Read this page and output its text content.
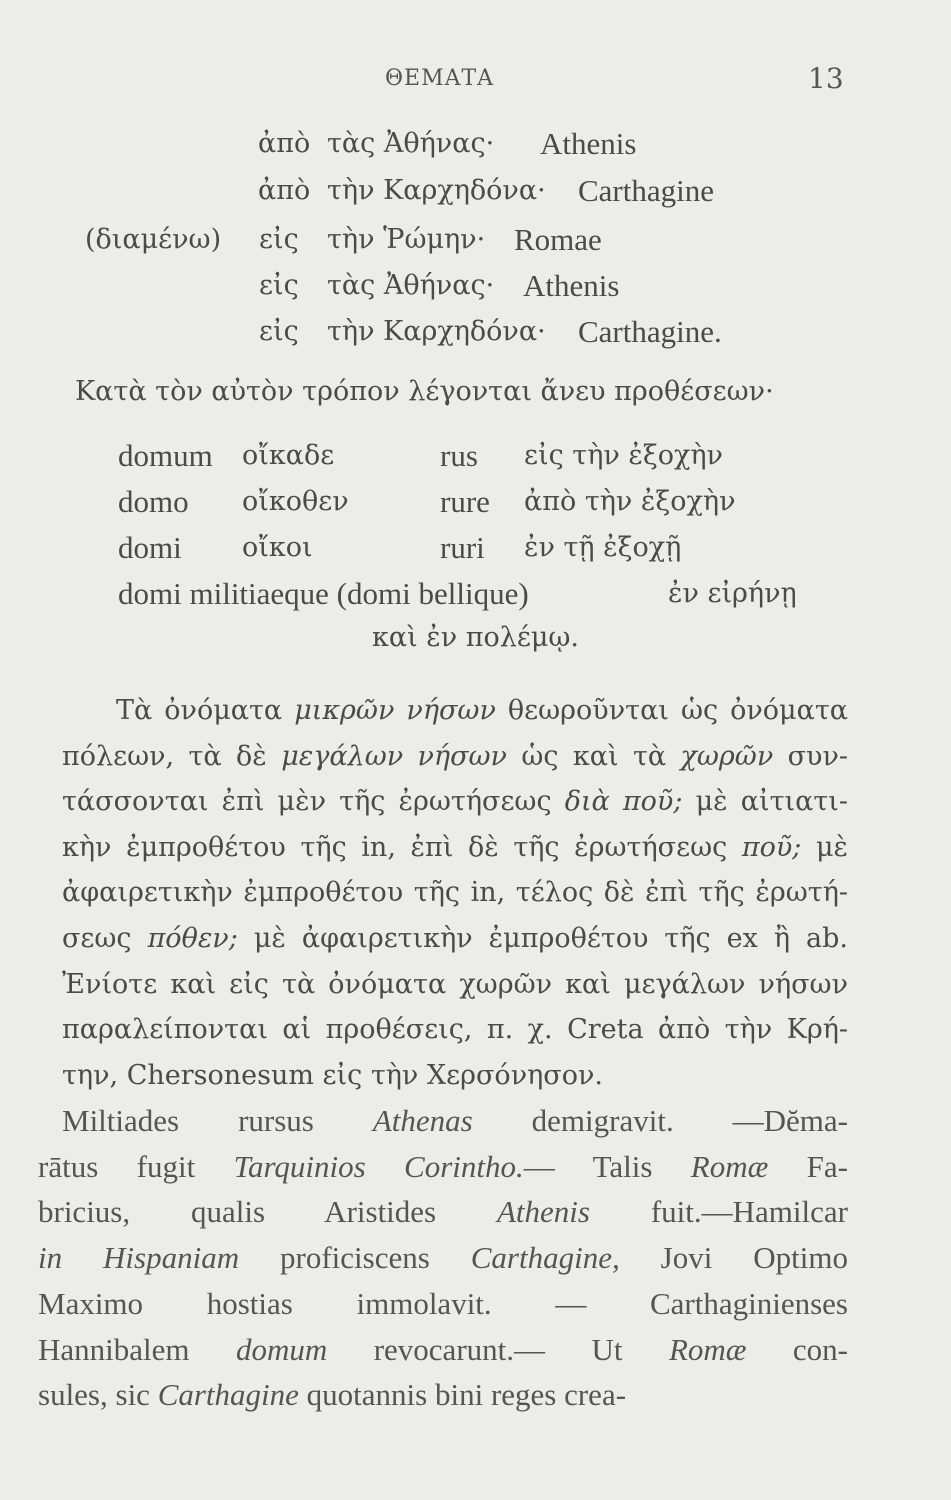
ΘΕΜΑΤΑ	13
ἀπὸ τὰς Ἀθήνας· Athenis
ἀπὸ τὴν Καρχηδόνα· Carthagine
(διαμένω) εἰς τὴν Ῥώμην· Romae
εἰς τὰς Ἀθήνας· Athenis
εἰς τὴν Καρχηδόνα· Carthagine.
Κατὰ τὸν αὐτὸν τρόπον λέγονται ἄνευ προθέσεων·
domum οἴκαδε	rus εἰς τὴν ἐξοχὴν
domo οἴκοθεν	rure ἀπὸ τὴν ἐξοχὴν
domi οἴκοι	ruri ἐν τῇ ἐξοχῇ
domi militiaeque (domi bellique)	ἐν εἰρήνῃ
καὶ ἐν πολέμῳ.
Τὰ ὀνόματα μικρῶν νήσων θεωροῦνται ὡς ὀνόματα
πόλεων, τὰ δὲ μεγάλων νήσων ὡς καὶ τὰ χωρῶν συν-
τάσσονται ἐπὶ μὲν τῆς ἐρωτήσεως διὰ ποῦ; μὲ αἰτιατι-
κὴν ἐμπροθέτου τῆς in, ἐπὶ δὲ τῆς ἐρωτήσεως ποῦ; μὲ
ἀφαιρετικὴν ἐμπροθέτου τῆς in, τέλος δὲ ἐπὶ τῆς ἐρωτή-
σεως πόθεν; μὲ ἀφαιρετικὴν ἐμπροθέτου τῆς ex ἢ ab.
Ἐνίοτε καὶ εἰς τὰ ὀνόματα χωρῶν καὶ μεγάλων νήσων
παραλείπονται αἱ προθέσεις, π. χ. Creta ἀπὸ τὴν Κρή-
την, Chersonesum εἰς τὴν Χερσόνησον.
Miltiades rursus Athenas demigravit. —Dĕma-
rātus fugit Tarquinios Corintho.— Talis Romæ Fa-
bricius, qualis Aristides Athenis fuit.—Hamilcar
in Hispaniam proficiscens Carthagine, Jovi Optimo
Maximo hostias immolavit. — Carthaginienses
Hannibalem domum revocarunt.— Ut Romæ con-
sules, sic Carthagine quotannis bini reges crea-
